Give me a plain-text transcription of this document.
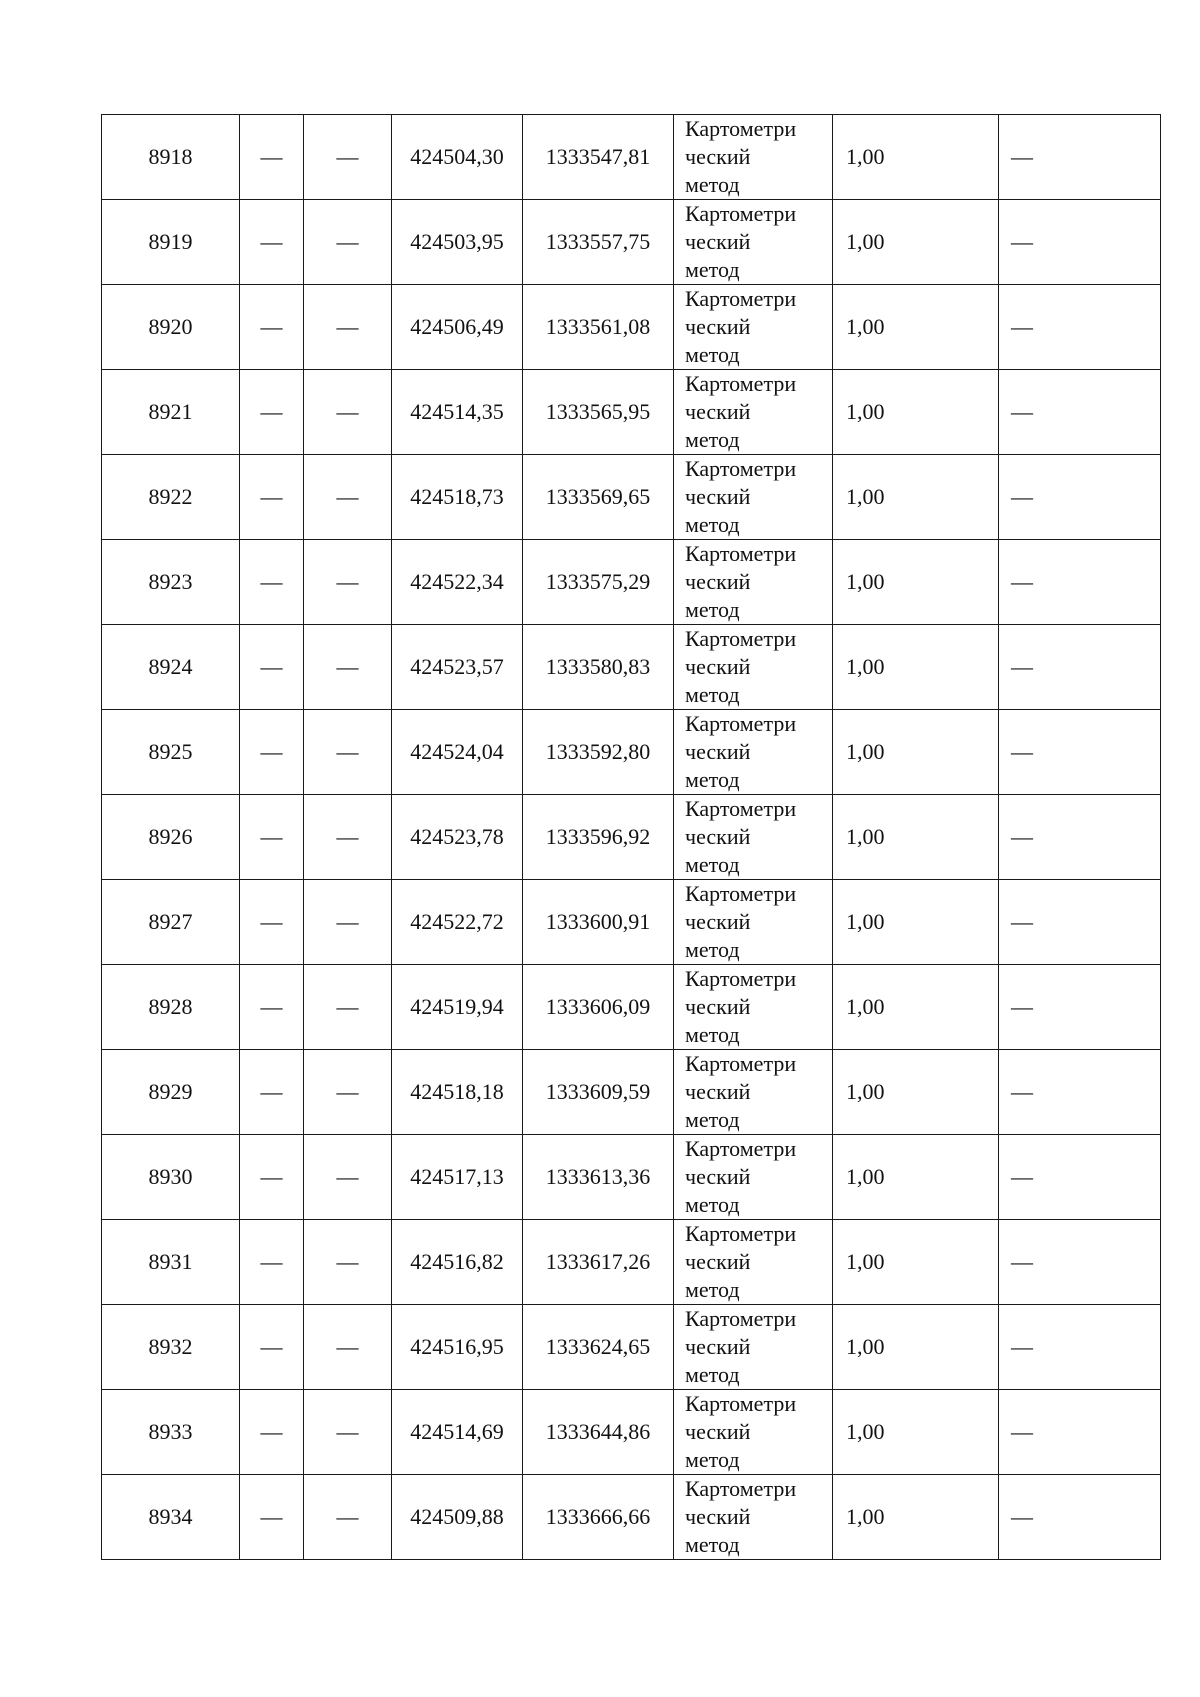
8918	—	—	424504,30	1333547,81	Картометри
ческий
метод	1,00	—
8919	—	—	424503,95	1333557,75	Картометри
ческий
метод	1,00	—
8920	—	—	424506,49	1333561,08	Картометри
ческий
метод	1,00	—
8921	—	—	424514,35	1333565,95	Картометри
ческий
метод	1,00	—
8922	—	—	424518,73	1333569,65	Картометри
ческий
метод	1,00	—
8923	—	—	424522,34	1333575,29	Картометри
ческий
метод	1,00	—
8924	—	—	424523,57	1333580,83	Картометри
ческий
метод	1,00	—
8925	—	—	424524,04	1333592,80	Картометри
ческий
метод	1,00	—
8926	—	—	424523,78	1333596,92	Картометри
ческий
метод	1,00	—
8927	—	—	424522,72	1333600,91	Картометри
ческий
метод	1,00	—
8928	—	—	424519,94	1333606,09	Картометри
ческий
метод	1,00	—
8929	—	—	424518,18	1333609,59	Картометри
ческий
метод	1,00	—
8930	—	—	424517,13	1333613,36	Картометри
ческий
метод	1,00	—
8931	—	—	424516,82	1333617,26	Картометри
ческий
метод	1,00	—
8932	—	—	424516,95	1333624,65	Картометри
ческий
метод	1,00	—
8933	—	—	424514,69	1333644,86	Картометри
ческий
метод	1,00	—
8934	—	—	424509,88	1333666,66	Картометри
ческий
метод	1,00	—
